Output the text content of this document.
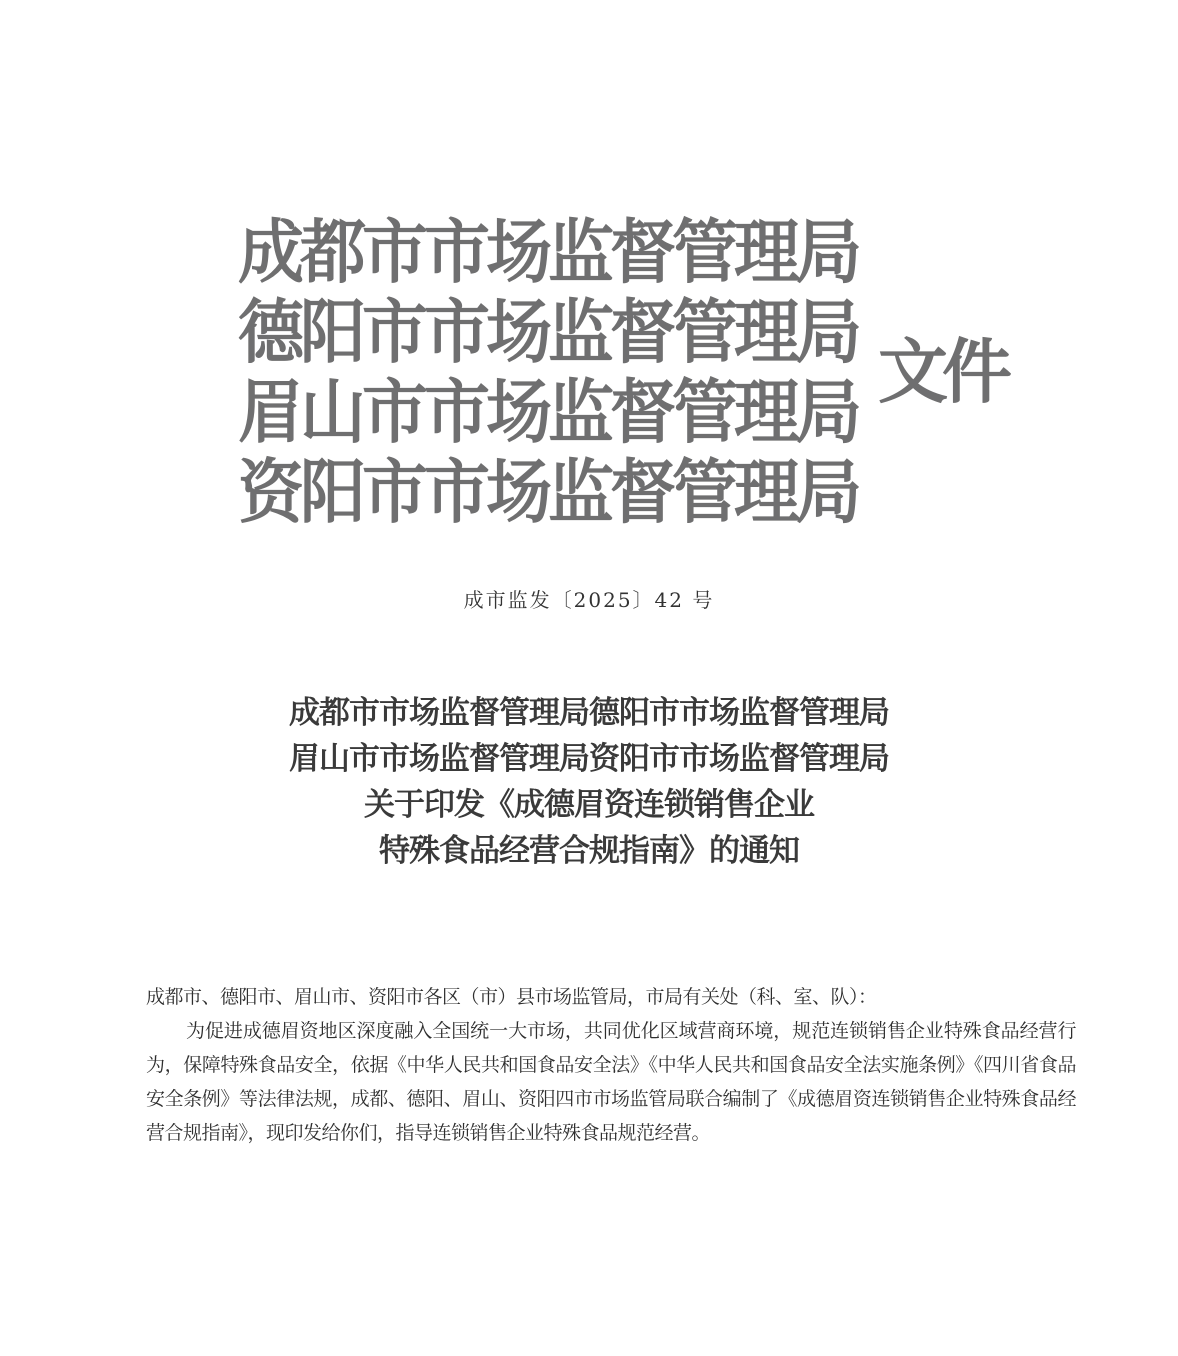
成都市市场监督管理局
德阳市市场监督管理局
眉山市市场监督管理局
资阳市市场监督管理局
文件
成市监发〔2025〕42 号
成都市市场监督管理局德阳市市场监督管理局
眉山市市场监督管理局资阳市市场监督管理局
关于印发《成德眉资连锁销售企业
特殊食品经营合规指南》的通知

成都市、德阳市、眉山市、资阳市各区（市）县市场监管局，市局有关处（科、室、队）：

为促进成德眉资地区深度融入全国统一大市场，共同优化区域营商环境，规范连锁销售企业特殊食品经营行为，保障特殊食品安全，依据《中华人民共和国食品安全法》《中华人民共和国食品安全法实施条例》《四川省食品安全条例》等法律法规，成都、德阳、眉山、资阳四市市场监管局联合编制了《成德眉资连锁销售企业特殊食品经营合规指南》，现印发给你们，指导连锁销售企业特殊食品规范经营。
